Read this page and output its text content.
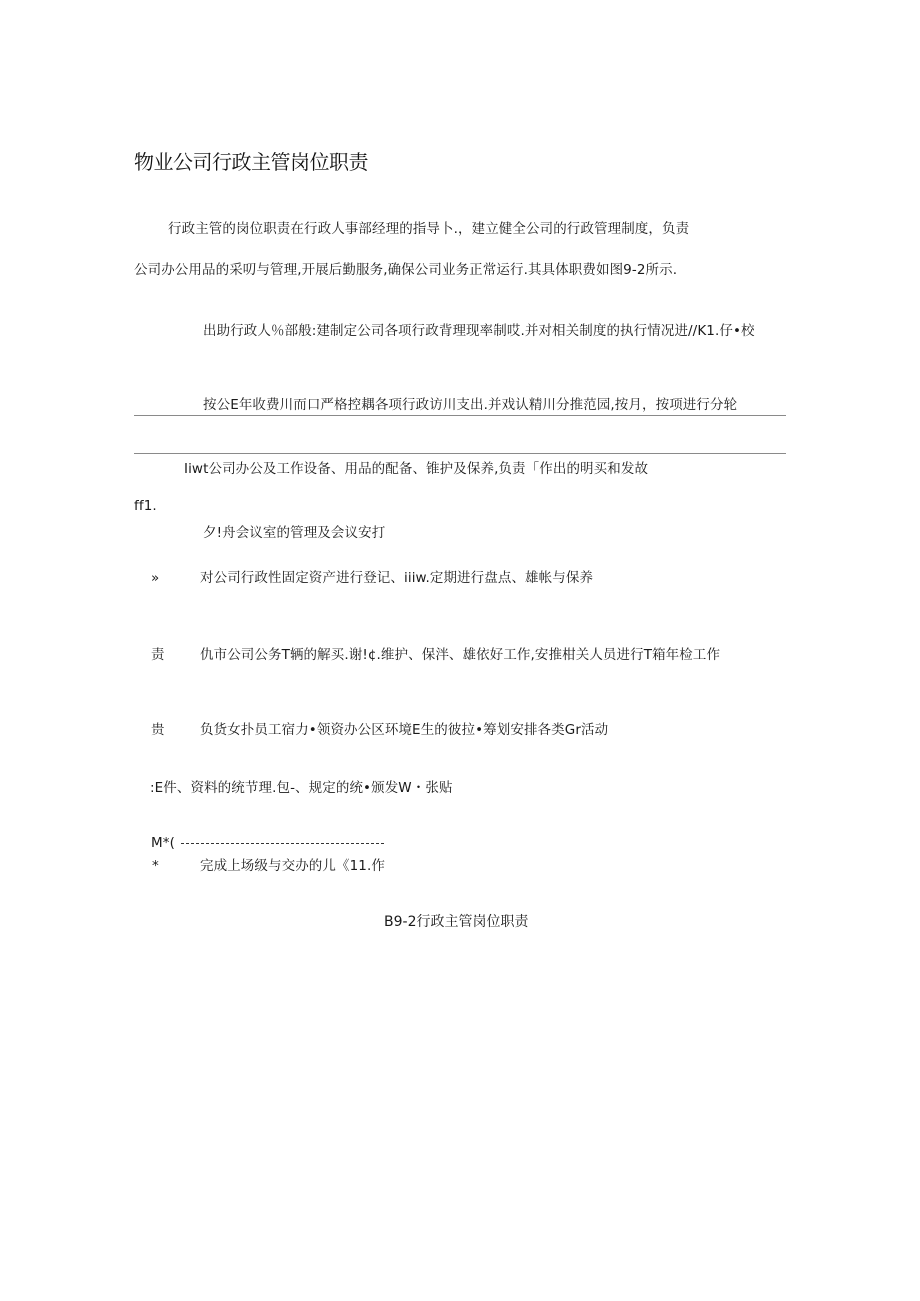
物业公司行政主管岗位职责
行政主管的岗位职责在行政人事部经理的指导卜.，建立健全公司的行政管理制度，负责
公司办公用品的采叨与管理,开展后勤服务,确保公司业务正常运行.其具体职费如图9-2所示.
出助行政人％部般:建制定公司各项行政背理现率制哎.并对相关制度的执行情况进//K1.仔•校
按公E年收费川而口严格控耦各项行政访川支出.并戏认精川分推范园,按月，按项进行分轮
Iiwt公司办公及工作设备、用品的配备、锥护及保养,负责「作出的明买和发故
ff1.
夕!舟会议室的管理及会议安打
»	对公司行政性固定资产进行登记、iiiw.定期进行盘点、雄帐与保养
责	仇市公司公务T辆的解买.谢!¢.维护、保泮、雄依好工作,安推柑关人员进行T箱年检工作
贵	负货女扑员工宿力•领资办公区环境E生的彼拉•筹划安排各类Gr活动
:E件、资料的统节理.包-、规定的统•颁发W・张贴
M*(
*	完成上场级与交办的儿《11.作
B9-2行政主管岗位职责
